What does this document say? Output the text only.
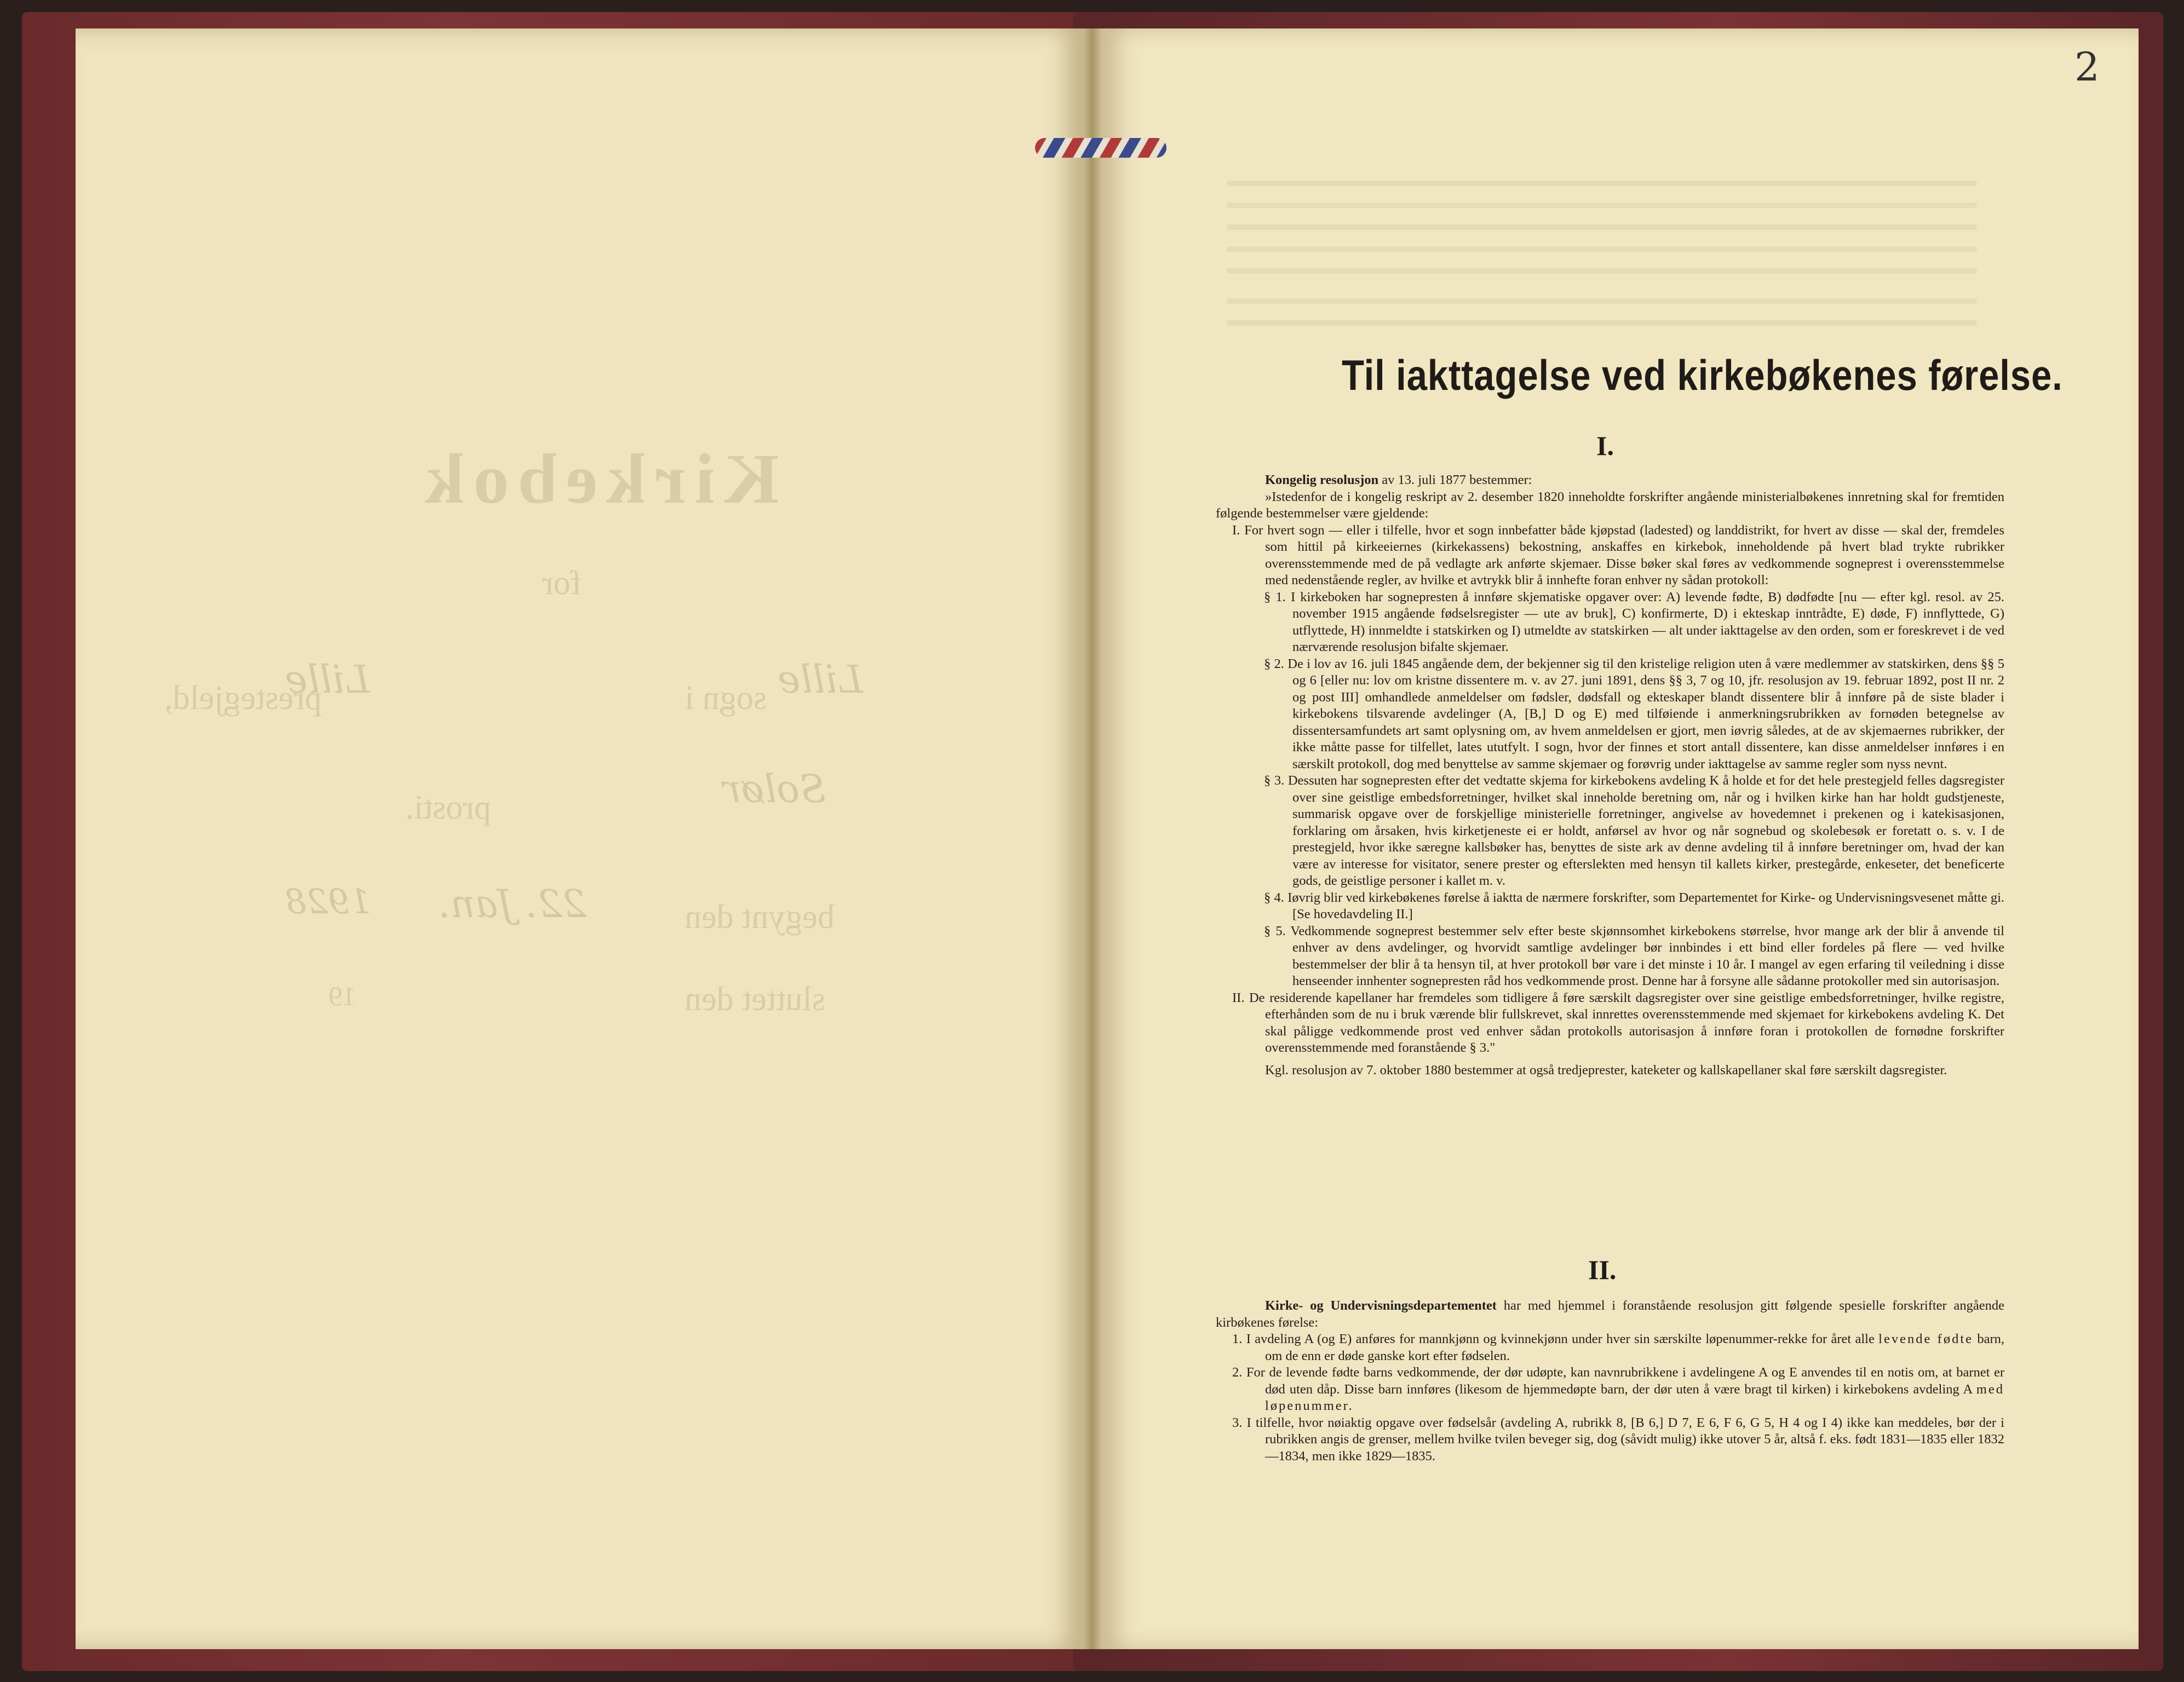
Kirkebok
for
sogn i Lille
prestegjeld,
Lille
prosti.	Solør
begynt den
22. Jan.
1928
sluttet den
19
2
Til iakttagelse ved kirkebøkenes førelse.
I.

Kongelig resolusjon av 13. juli 1877 bestemmer:

»Istedenfor de i kongelig reskript av 2. desember 1820 inneholdte forskrifter angående ministerialbøkenes innretning skal for fremtiden følgende bestemmelser være gjeldende:

I. For hvert sogn — eller i tilfelle, hvor et sogn innbefatter både kjøpstad (ladested) og landdistrikt, for hvert av disse — skal der, fremdeles som hittil på kirkeeiernes (kirkekassens) bekostning, anskaffes en kirkebok, inneholdende på hvert blad trykte rubrikker overensstemmende med de på vedlagte ark anførte skjemaer. Disse bøker skal føres av vedkommende sogneprest i overensstemmelse med nedenstående regler, av hvilke et avtrykk blir å innhefte foran enhver ny sådan protokoll:

§ 1. I kirkeboken har sognepresten å innføre skjematiske opgaver over: A) levende fødte, B) dødfødte [nu — efter kgl. resol. av 25. november 1915 angående fødselsregister — ute av bruk], C) konfirmerte, D) i ekteskap inntrådte, E) døde, F) innflyttede, G) utflyttede, H) innmeldte i statskirken og I) utmeldte av statskirken — alt under iakttagelse av den orden, som er foreskrevet i de ved nærværende resolusjon bifalte skjemaer.

§ 2. De i lov av 16. juli 1845 angående dem, der bekjenner sig til den kristelige religion uten å være medlemmer av statskirken, dens §§ 5 og 6 [eller nu: lov om kristne dissentere m. v. av 27. juni 1891, dens §§ 3, 7 og 10, jfr. resolusjon av 19. februar 1892, post II nr. 2 og post III] omhandlede anmeldelser om fødsler, dødsfall og ekteskaper blandt dissentere blir å innføre på de siste blader i kirkebokens tilsvarende avdelinger (A, [B,] D og E) med tilføiende i anmerkningsrubrikken av fornøden betegnelse av dissentersamfundets art samt oplysning om, av hvem anmeldelsen er gjort, men iøvrig således, at de av skjemaernes rubrikker, der ikke måtte passe for tilfellet, lates ututfylt. I sogn, hvor der finnes et stort antall dissentere, kan disse anmeldelser innføres i en særskilt protokoll, dog med benyttelse av samme skjemaer og forøvrig under iakttagelse av samme regler som nyss nevnt.

§ 3. Dessuten har sognepresten efter det vedtatte skjema for kirkebokens avdeling K å holde et for det hele prestegjeld felles dagsregister over sine geistlige embedsforretninger, hvilket skal inneholde beretning om, når og i hvilken kirke han har holdt gudstjeneste, summarisk opgave over de forskjellige ministerielle forretninger, angivelse av hovedemnet i prekenen og i katekisasjonen, forklaring om årsaken, hvis kirketjeneste ei er holdt, anførsel av hvor og når sognebud og skolebesøk er foretatt o. s. v. I de prestegjeld, hvor ikke særegne kallsbøker has, benyttes de siste ark av denne avdeling til å innføre beretninger om, hvad der kan være av interesse for visitator, senere prester og efterslekten med hensyn til kallets kirker, prestegårde, enkeseter, det beneficerte gods, de geistlige personer i kallet m. v.

§ 4. Iøvrig blir ved kirkebøkenes førelse å iaktta de nærmere forskrifter, som Departementet for Kirke- og Undervisningsvesenet måtte gi. [Se hovedavdeling II.]

§ 5. Vedkommende sogneprest bestemmer selv efter beste skjønnsomhet kirkebokens størrelse, hvor mange ark der blir å anvende til enhver av dens avdelinger, og hvorvidt samtlige avdelinger bør innbindes i ett bind eller fordeles på flere — ved hvilke bestemmelser der blir å ta hensyn til, at hver protokoll bør vare i det minste i 10 år. I mangel av egen erfaring til veiledning i disse henseender innhenter sognepresten råd hos vedkommende prost. Denne har å forsyne alle sådanne protokoller med sin autorisasjon.

II. De residerende kapellaner har fremdeles som tidligere å føre særskilt dagsregister over sine geistlige embedsforretninger, hvilke registre, efterhånden som de nu i bruk værende blir fullskrevet, skal innrettes overensstemmende med skjemaet for kirkebokens avdeling K. Det skal påligge vedkommende prost ved enhver sådan protokolls autorisasjon å innføre foran i protokollen de fornødne forskrifter overensstemmende med foranstående § 3."

Kgl. resolusjon av 7. oktober 1880 bestemmer at også tredjeprester, kateketer og kallskapellaner skal føre særskilt dagsregister.

II.

Kirke- og Undervisningsdepartementet har med hjemmel i foranstående resolusjon gitt følgende spesielle forskrifter angående kirbøkenes førelse:

1. I avdeling A (og E) anføres for mannkjønn og kvinnekjønn under hver sin særskilte løpenummer-rekke for året alle levende fødte barn, om de enn er døde ganske kort efter fødselen.

2. For de levende fødte barns vedkommende, der dør udøpte, kan navnrubrikkene i avdelingene A og E anvendes til en notis om, at barnet er død uten dåp. Disse barn innføres (likesom de hjemmedøpte barn, der dør uten å være bragt til kirken) i kirkebokens avdeling A med løpenummer.

3. I tilfelle, hvor nøiaktig opgave over fødselsår (avdeling A, rubrikk 8, [B 6,] D 7, E 6, F 6, G 5, H 4 og I 4) ikke kan meddeles, bør der i rubrikken angis de grenser, mellem hvilke tvilen beveger sig, dog (såvidt mulig) ikke utover 5 år, altså f. eks. født 1831—1835 eller 1832—1834, men ikke 1829—1835.
